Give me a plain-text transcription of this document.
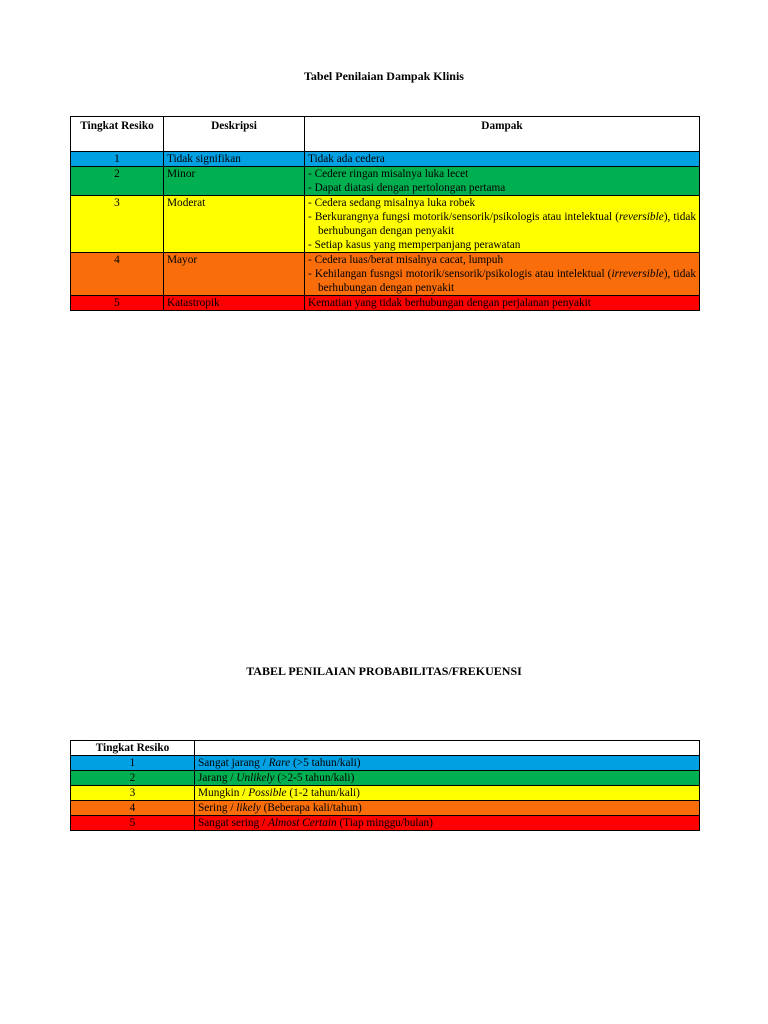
Tabel Penilaian Dampak Klinis
Tingkat Resiko	Deskripsi	Dampak
1	Tidak signifikan	Tidak ada cedera
2	Minor	- Cedere ringan misalnya luka lecet
- Dapat diatasi dengan pertolongan pertama

3	Moderat	- Cedera sedang misalnya luka robek
- Berkurangnya fungsi motorik/sensorik/psikologis atau intelektual (reversible), tidak berhubungan dengan penyakit
- Setiap kasus yang memperpanjang perawatan

4	Mayor	- Cedera luas/berat misalnya cacat, lumpuh
- Kehilangan fusngsi motorik/sensorik/psikologis atau intelektual (irreversible), tidak berhubungan dengan penyakit

5	Katastropik	Kematian yang tidak berhubungan dengan perjalanan penyakit
TABEL PENILAIAN PROBABILITAS/FREKUENSI
Tingkat Resiko	
1	Sangat jarang / Rare (>5 tahun/kali)
2	Jarang / Unlikely (>2-5 tahun/kali)
3	Mungkin / Possible (1-2 tahun/kali)
4	Sering / likely (Beberapa kali/tahun)
5	Sangat sering / Almost Certain (Tiap minggu/bulan)
